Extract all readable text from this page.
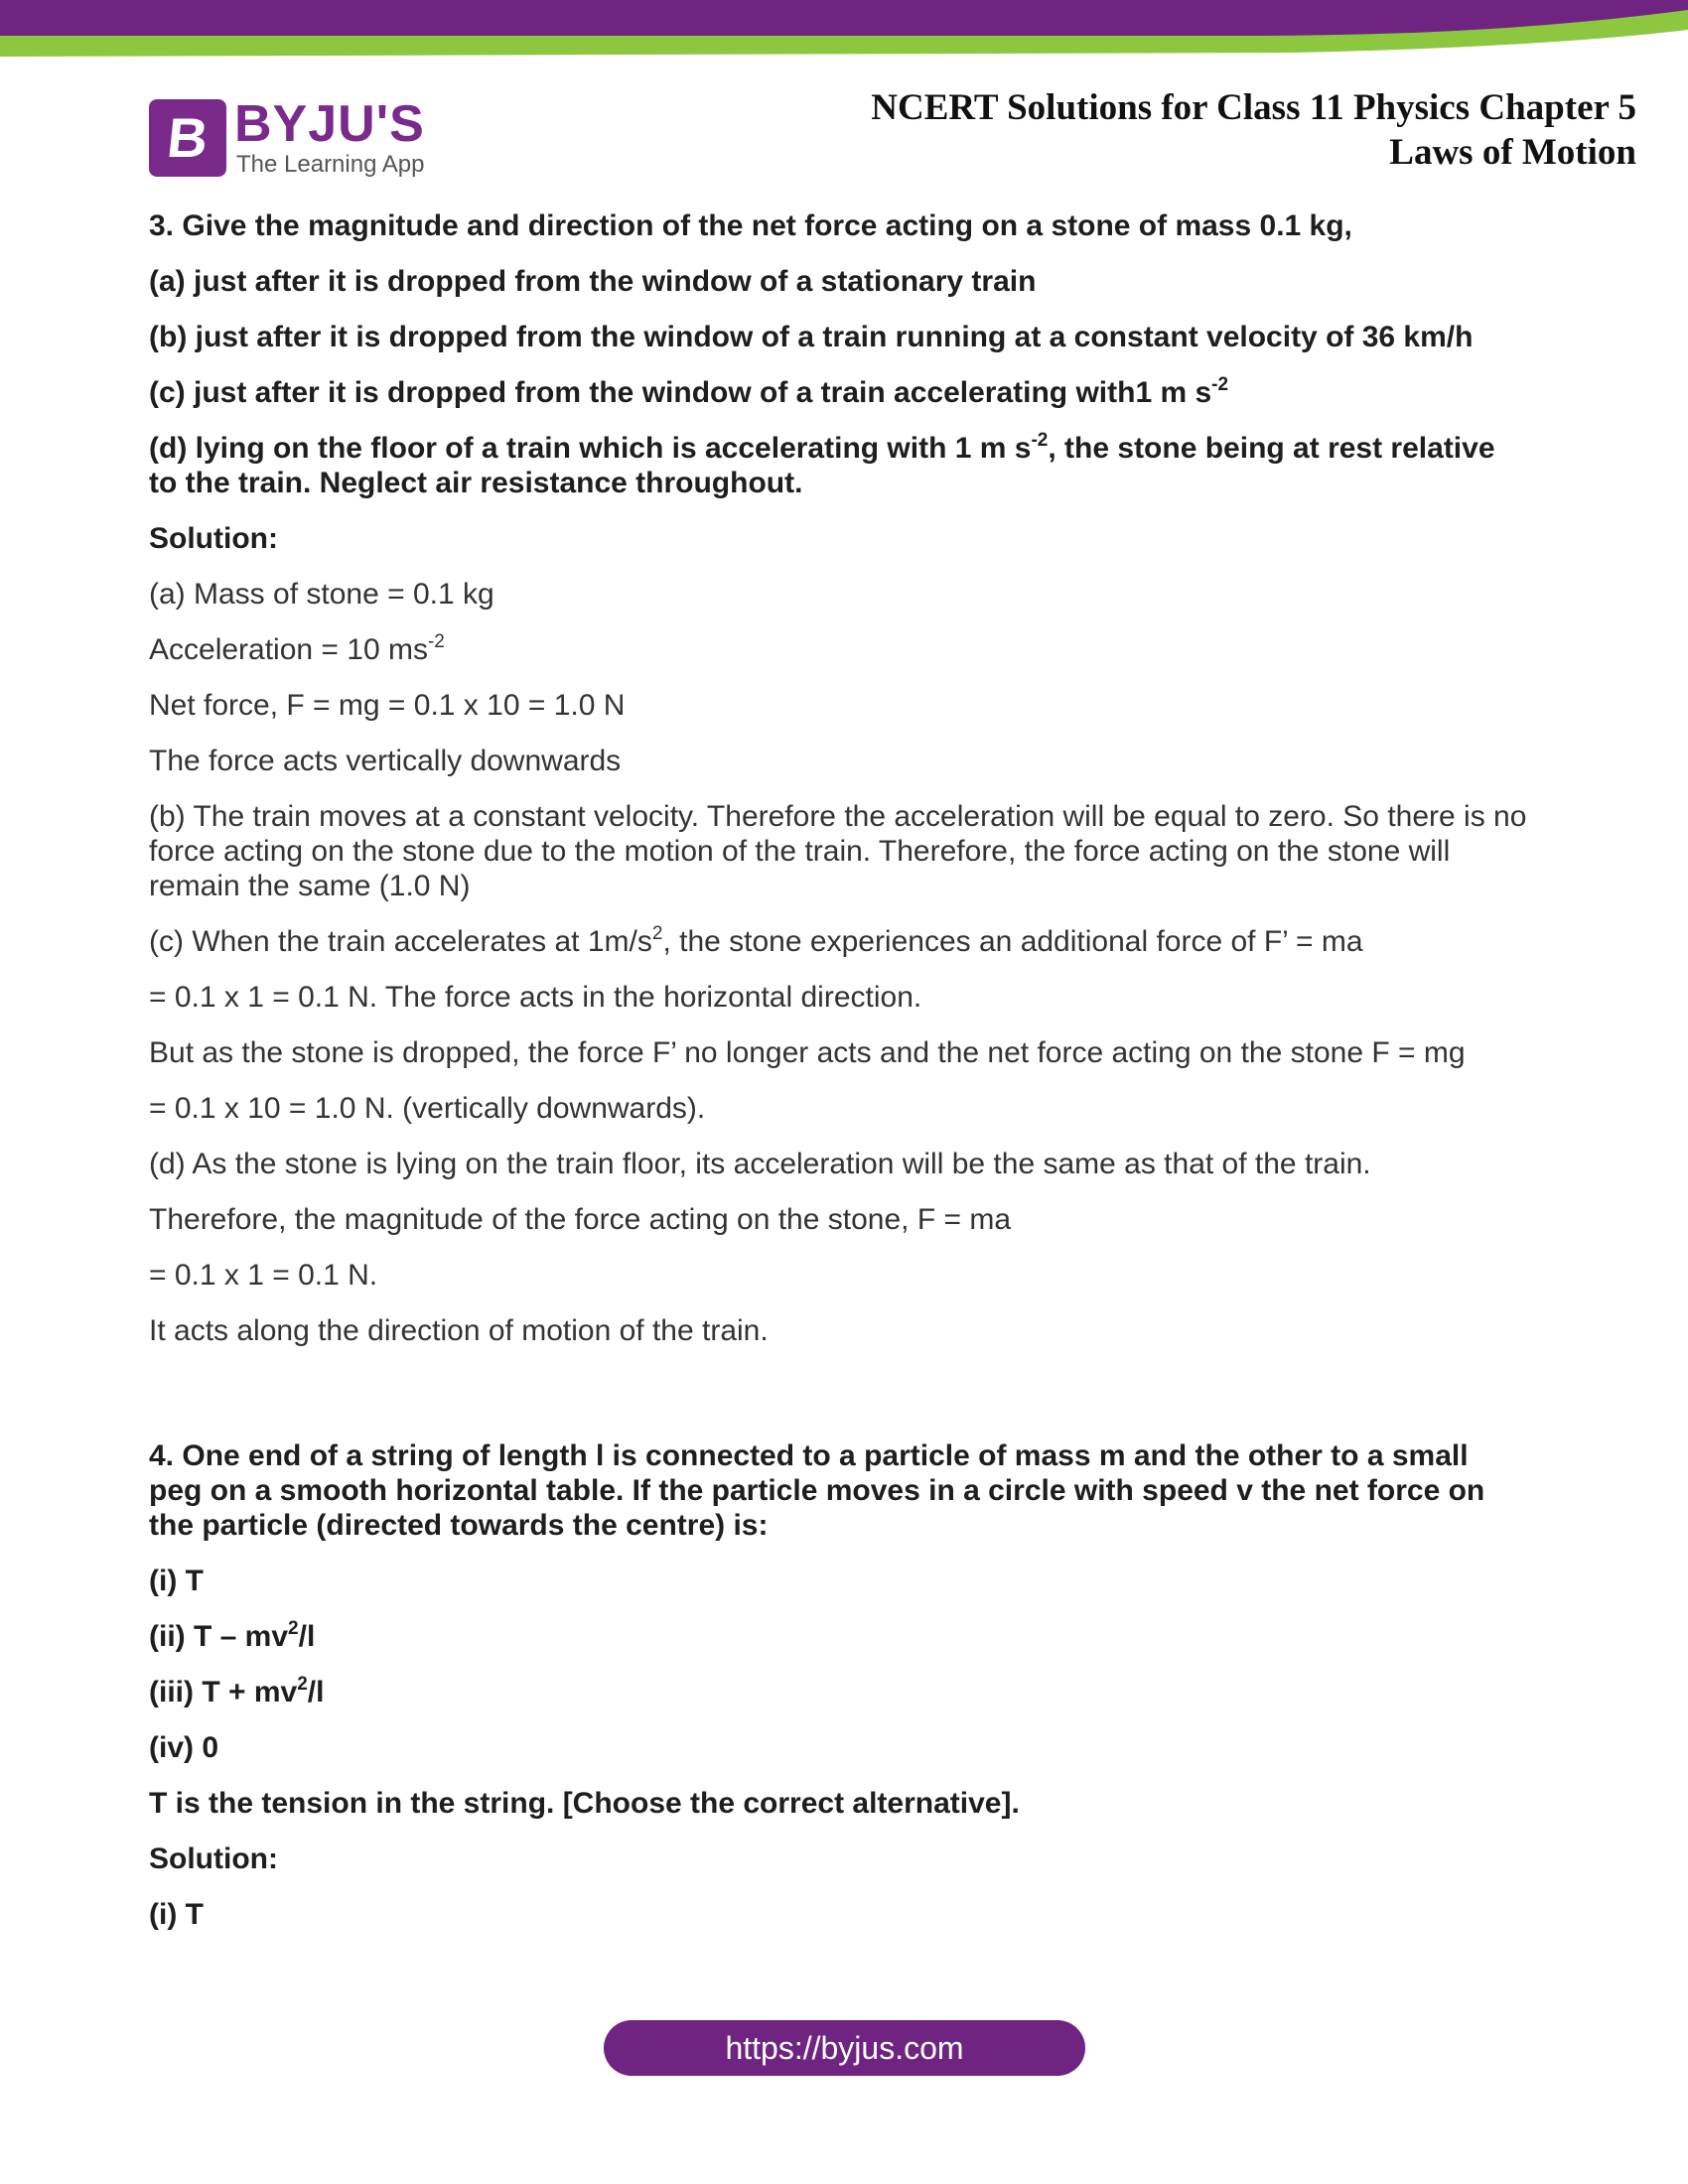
B BYJU'S
The Learning App
NCERT Solutions for Class 11 Physics Chapter 5
Laws of Motion

3. Give the magnitude and direction of the net force acting on a stone of mass 0.1 kg,

(a) just after it is dropped from the window of a stationary train

(b) just after it is dropped from the window of a train running at a constant velocity of 36 km/h

(c) just after it is dropped from the window of a train accelerating with1 m $s^{-2}$

(d) lying on the floor of a train which is accelerating with 1 m $s^{-2}$, the stone being at rest relative to the train. Neglect air resistance throughout.

Solution:

(a) Mass of stone = 0.1 kg

Acceleration = 10 $ms^{-2}$

Net force, F = mg = 0.1 x 10 = 1.0 N

The force acts vertically downwards

(b) The train moves at a constant velocity. Therefore the acceleration will be equal to zero. So there is no force acting on the stone due to the motion of the train. Therefore, the force acting on the stone will remain the same (1.0 N)

(c) When the train accelerates at $1m/s^2$, the stone experiences an additional force of F’ = ma

= 0.1 x 1 = 0.1 N. The force acts in the horizontal direction.

But as the stone is dropped, the force F’ no longer acts and the net force acting on the stone F = mg

= 0.1 x 10 = 1.0 N. (vertically downwards).

(d) As the stone is lying on the train floor, its acceleration will be the same as that of the train.

Therefore, the magnitude of the force acting on the stone, F = ma

= 0.1 x 1 = 0.1 N.

It acts along the direction of motion of the train.

4. One end of a string of length l is connected to a particle of mass m and the other to a small peg on a smooth horizontal table. If the particle moves in a circle with speed v the net force on the particle (directed towards the centre) is:

(i) T

(ii) T – $mv^2/l$

(iii) $T + mv^2/l$

(iv) 0

T is the tension in the string. [Choose the correct alternative].

Solution:

(i) T

https://byjus.com
